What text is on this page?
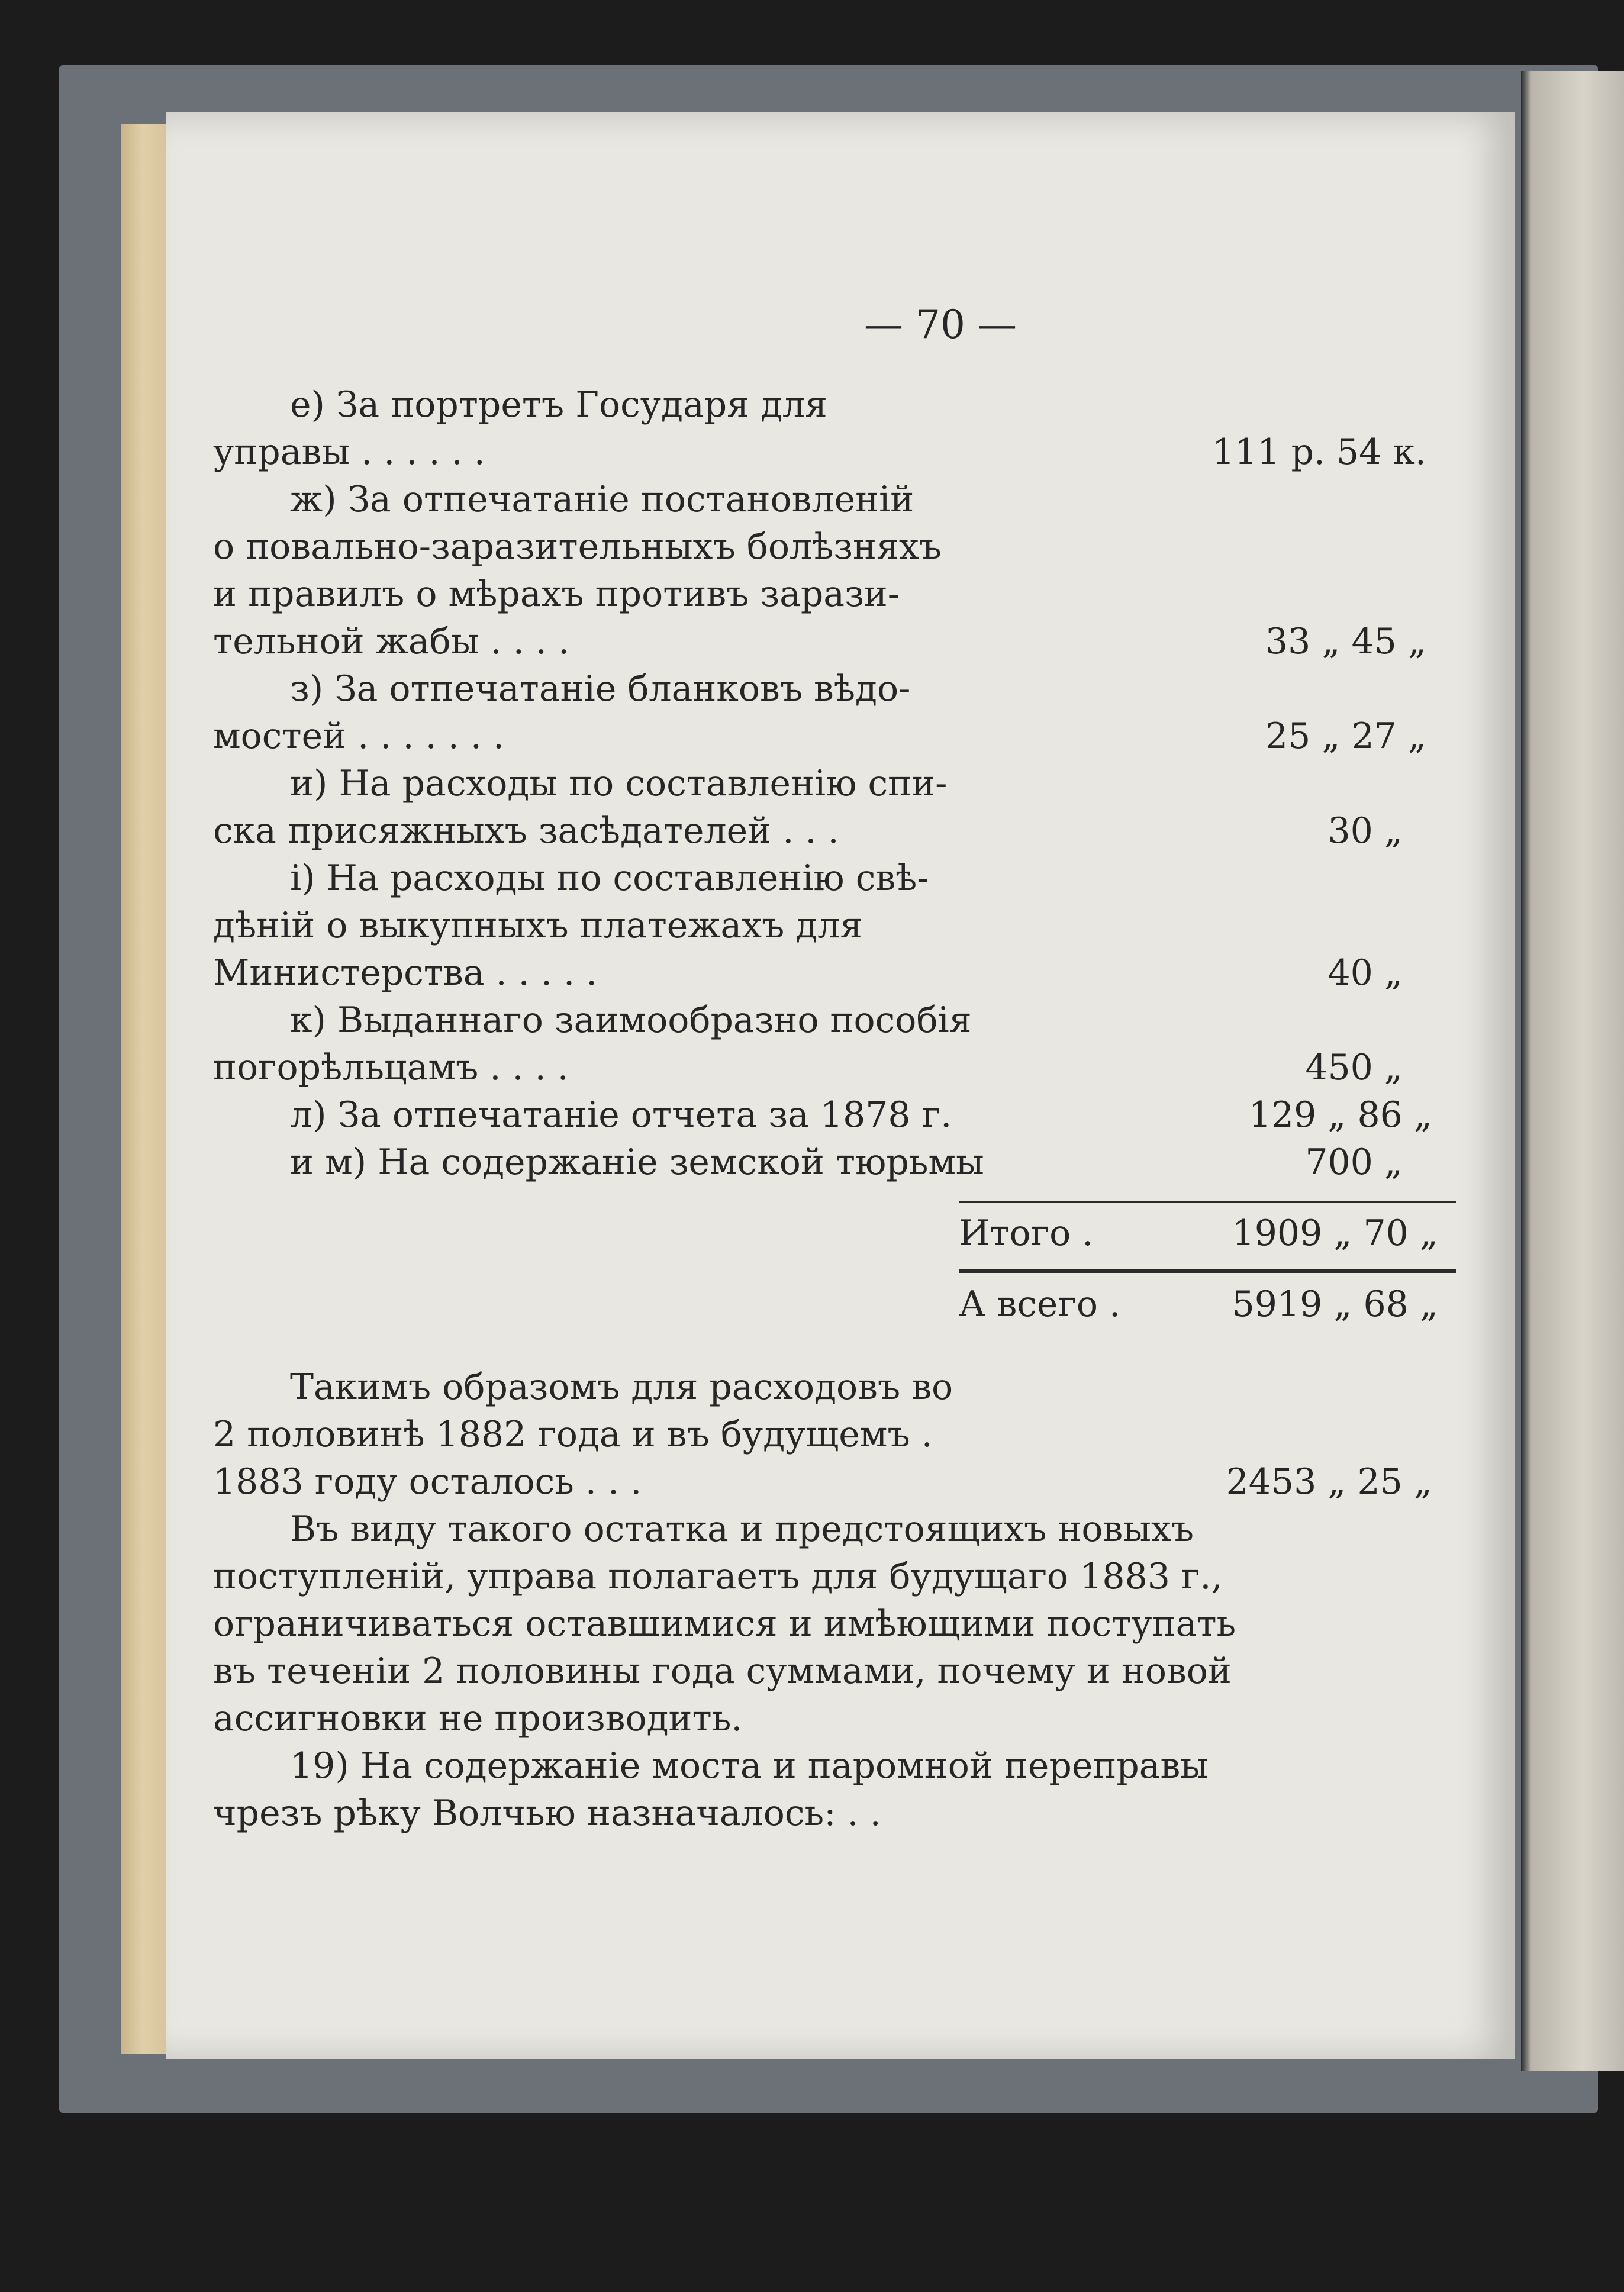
— 70 —
е) За портретъ Государя для
управы . . . . . .	111 р. 54 к.
ж) За отпечатаніе постановленій
о повально-заразительныхъ болѣзняхъ
и правилъ о мѣрахъ противъ зарази-
тельной жабы . . . .	33 „ 45 „
з) За отпечатаніе бланковъ вѣдо-
мостей . . . . . . .	25 „ 27 „
и) На расходы по составленію спи-
ска присяжныхъ засѣдателей . . .	30 „
і) На расходы по составленію свѣ-
дѣній о выкупныхъ платежахъ для
Министерства . . . . .	40 „
к) Выданнаго заимообразно пособія
погорѣльцамъ . . . .	450 „
л) За отпечатаніе отчета за 1878 г.	129 „ 86 „
и м) На содержаніе земской тюрьмы	700 „
Итого .	1909 „ 70 „
А всего .	5919 „ 68 „
Такимъ образомъ для расходовъ во
2 половинѣ 1882 года и въ будущемъ .
1883 году осталось . . .	2453 „ 25 „
Въ виду такого остатка и предстоящихъ новыхъ
поступленій, управа полагаетъ для будущаго 1883 г.,
ограничиваться оставшимися и имѣющими поступать
въ теченіи 2 половины года суммами, почему и новой
ассигновки не производить.
19) На содержаніе моста и паромной переправы
чрезъ рѣку Волчью назначалось: . .
